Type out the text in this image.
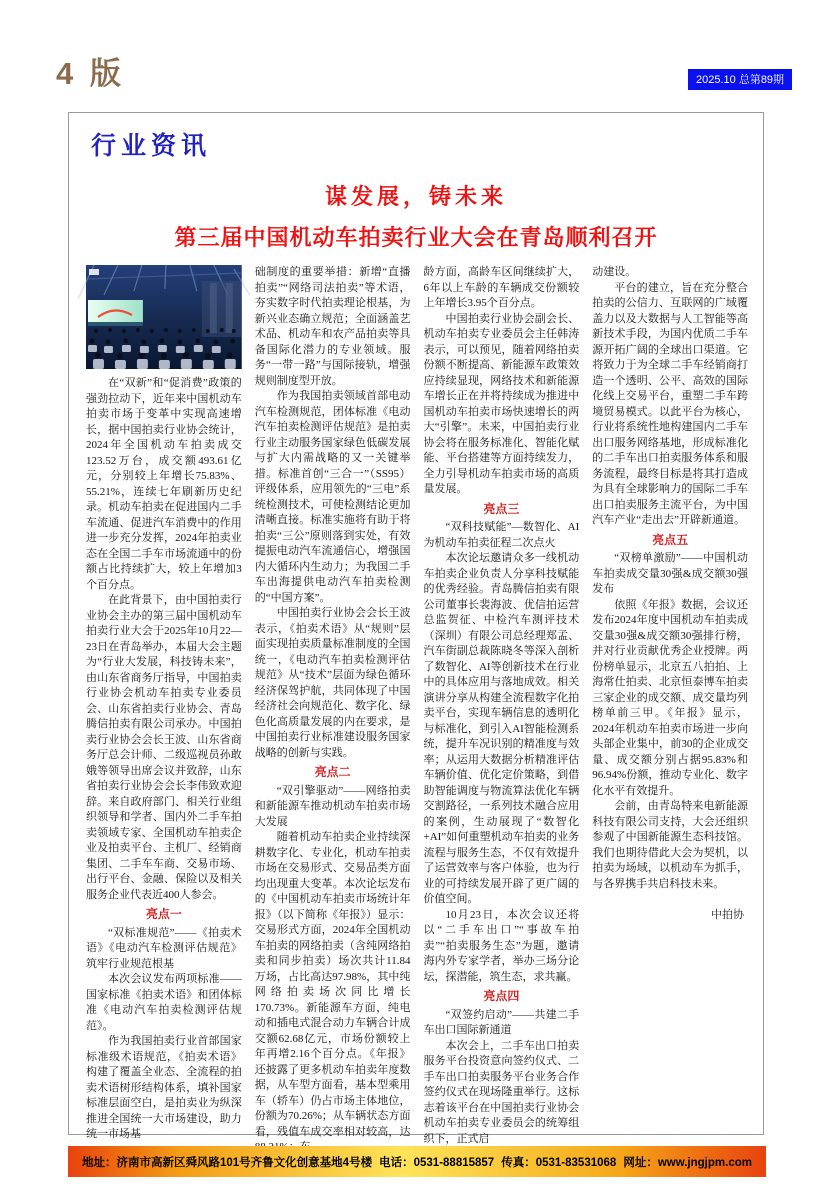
4 版	2025.10 总第89期
行业资讯
谋发展，铸未来
第三届中国机动车拍卖行业大会在青岛顺利召开

在“双新”和“促消费”政策的强劲拉动下，近年来中国机动车拍卖市场于变革中实现高速增长，据中国拍卖行业协会统计，2024年全国机动车拍卖成交123.52万台，成交额493.61亿元，分别较上年增长75.83%、55.21%，连续七年刷新历史纪录。机动车拍卖在促进国内二手车流通、促进汽车消费中的作用进一步充分发挥，2024年拍卖业态在全国二手车市场流通中的份额占比持续扩大，较上年增加3个百分点。

在此背景下，由中国拍卖行业协会主办的第三届中国机动车拍卖行业大会于2025年10月22—23日在青岛举办，本届大会主题为“行业大发展，科技铸未来”，由山东省商务厅指导，中国拍卖行业协会机动车拍卖专业委员会、山东省拍卖行业协会、青岛腾信拍卖有限公司承办。中国拍卖行业协会会长王波、山东省商务厅总会计师、二级巡视员孙敢娥等领导出席会议并致辞，山东省拍卖行业协会会长李伟致欢迎辞。来自政府部门、相关行业组织领导和学者、国内外二手车拍卖领域专家、全国机动车拍卖企业及拍卖平台、主机厂、经销商集团、二手车车商、交易市场、出行平台、金融、保险以及相关服务企业代表近400人参会。

亮点一

“双标准规范”——《拍卖术语》《电动汽车检测评估规范》筑牢行业规范根基

本次会议发布两项标准——国家标准《拍卖术语》和团体标准《电动汽车拍卖检测评估规范》。

作为我国拍卖行业首部国家标准级术语规范，《拍卖术语》构建了覆盖全业态、全流程的拍卖术语树形结构体系，填补国家标准层面空白，是拍卖业为纵深推进全国统一大市场建设，助力统一市场基

础制度的重要举措：新增“直播拍卖”“网络司法拍卖”等术语，夯实数字时代拍卖理论根基，为新兴业态确立规范；全面涵盖艺术品、机动车和农产品拍卖等具备国际化潜力的专业领域。服务“一带一路”与国际接轨，增强规则制度型开放。

作为我国拍卖领域首部电动汽车检测规范，团体标准《电动汽车拍卖检测评估规范》是拍卖行业主动服务国家绿色低碳发展与扩大内需战略的又一关键举措。标准首创“三合一”（SS95）评级体系，应用领先的“三电”系统检测技术，可使检测结论更加清晰直接。标准实施将有助于将拍卖“三公”原则落到实处，有效提振电动汽车流通信心，增强国内大循环内生动力；为我国二手车出海提供电动汽车拍卖检测的“中国方案”。

中国拍卖行业协会会长王波表示，《拍卖术语》从“规则”层面实现拍卖质量标准制度的全国统一，《电动汽车拍卖检测评估规范》从“技术”层面为绿色循环经济保驾护航，共同体现了中国经济社会向规范化、数字化、绿色化高质量发展的内在要求，是中国拍卖行业标准建设服务国家战略的创新与实践。

亮点二

“双引擎驱动”——网络拍卖和新能源车推动机动车拍卖市场大发展

随着机动车拍卖企业持续深耕数字化、专业化，机动车拍卖市场在交易形式、交易品类方面均出现重大变革。本次论坛发布的《中国机动车拍卖市场统计年报》（以下简称《年报》）显示：交易形式方面，2024年全国机动车拍卖的网络拍卖（含纯网络拍卖和同步拍卖）场次共计11.84万场，占比高达97.98%，其中纯网络拍卖场次同比增长170.73%。新能源车方面，纯电动和插电式混合动力车辆合计成交额62.68亿元，市场份额较上年再增2.16个百分点。《年报》还披露了更多机动车拍卖年度数据，从车型方面看，基本型乘用车（轿车）仍占市场主体地位，份额为70.26%；从车辆状态方面看，残值车成交率相对较高，达

龄方面，高龄车区间继续扩大，6年以上车龄的车辆成交份额较上年增长3.95个百分点。

中国拍卖行业协会副会长、机动车拍卖专业委员会主任韩涛表示，可以预见，随着网络拍卖份额不断提高、新能源车政策效应持续显现，网络技术和新能源车增长正在并将持续成为推进中国机动车拍卖市场快速增长的两大“引擎”。未来，中国拍卖行业协会将在服务标准化、智能化赋能、平台搭建等方面持续发力，全力引导机动车拍卖市场的高质量发展。

亮点三

“双科技赋能”—数智化、AI为机动车拍卖征程二次点火

本次论坛邀请众多一线机动车拍卖企业负责人分享科技赋能的优秀经验。青岛腾信拍卖有限公司董事长裴海波、优信拍运营总监贺征、中检汽车测评技术（深圳）有限公司总经理郑孟、汽车街副总裁陈晓冬等深入剖析了数智化、AI等创新技术在行业中的具体应用与落地成效。相关演讲分享从构建全流程数字化拍卖平台，实现车辆信息的透明化与标准化，到引入AI智能检测系统，提升车况识别的精准度与效率；从运用大数据分析精准评估车辆价值、优化定价策略，到借助智能调度与物流算法优化车辆交割路径，一系列技术融合应用的案例，生动展现了“数智化+AI”如何重塑机动车拍卖的业务流程与服务生态，不仅有效提升了运营效率与客户体验，也为行业的可持续发展开辟了更广阔的价值空间。

10月23日，本次会议还将以“二手车出口”“事故车拍卖”“拍卖服务生态”为题，邀请海内外专家学者，举办三场分论坛，探潜能，筑生态，求共赢。

亮点四

“双签约启动”——共建二手车出口国际新通道

本次会上，二手车出口拍卖服务平台投资意向签约仪式、二手车出口拍卖服务平台业务合作签约仪式在现场隆重举行。这标志着该平台在中国拍卖行业协会机动车拍卖专业委员会的统筹组织下，正式启

动建设。

平台的建立，旨在充分整合拍卖的公信力、互联网的广域覆盖力以及大数据与人工智能等高新技术手段，为国内优质二手车源开拓广阔的全球出口渠道。它将致力于为全球二手车经销商打造一个透明、公平、高效的国际化线上交易平台，重塑二手车跨境贸易模式。以此平台为核心，行业将系统性地构建国内二手车出口服务网络基地，形成标准化的二手车出口拍卖服务体系和服务流程，最终目标是将其打造成为具有全球影响力的国际二手车出口拍卖服务主流平台，为中国汽车产业“走出去”开辟新通道。

亮点五

“双榜单激励”——中国机动车拍卖成交量30强&成交额30强发布

依照《年报》数据，会议还发布2024年度中国机动车拍卖成交量30强&成交额30强排行榜，并对行业贡献优秀企业授牌。两份榜单显示，北京五八拍拍、上海常仕拍卖、北京恒泰博车拍卖三家企业的成交额、成交量均列榜单前三甲。《年报》显示，2024年机动车拍卖市场进一步向头部企业集中，前30的企业成交量、成交额分别占据95.83%和96.94%份额，推动专业化、数字化水平有效提升。

会前，由青岛特来电新能源科技有限公司支持，大会还组织参观了中国新能源生态科技馆。我们也期待借此大会为契机，以拍卖为场域，以机动车为抓手，与各界携手共启科技未来。

中拍协

地址：济南市高新区舜风路101号齐鲁文化创意基地4号楼 电话：0531-88815857 传真：0531-83531068 网址：www.jngjpm.com
